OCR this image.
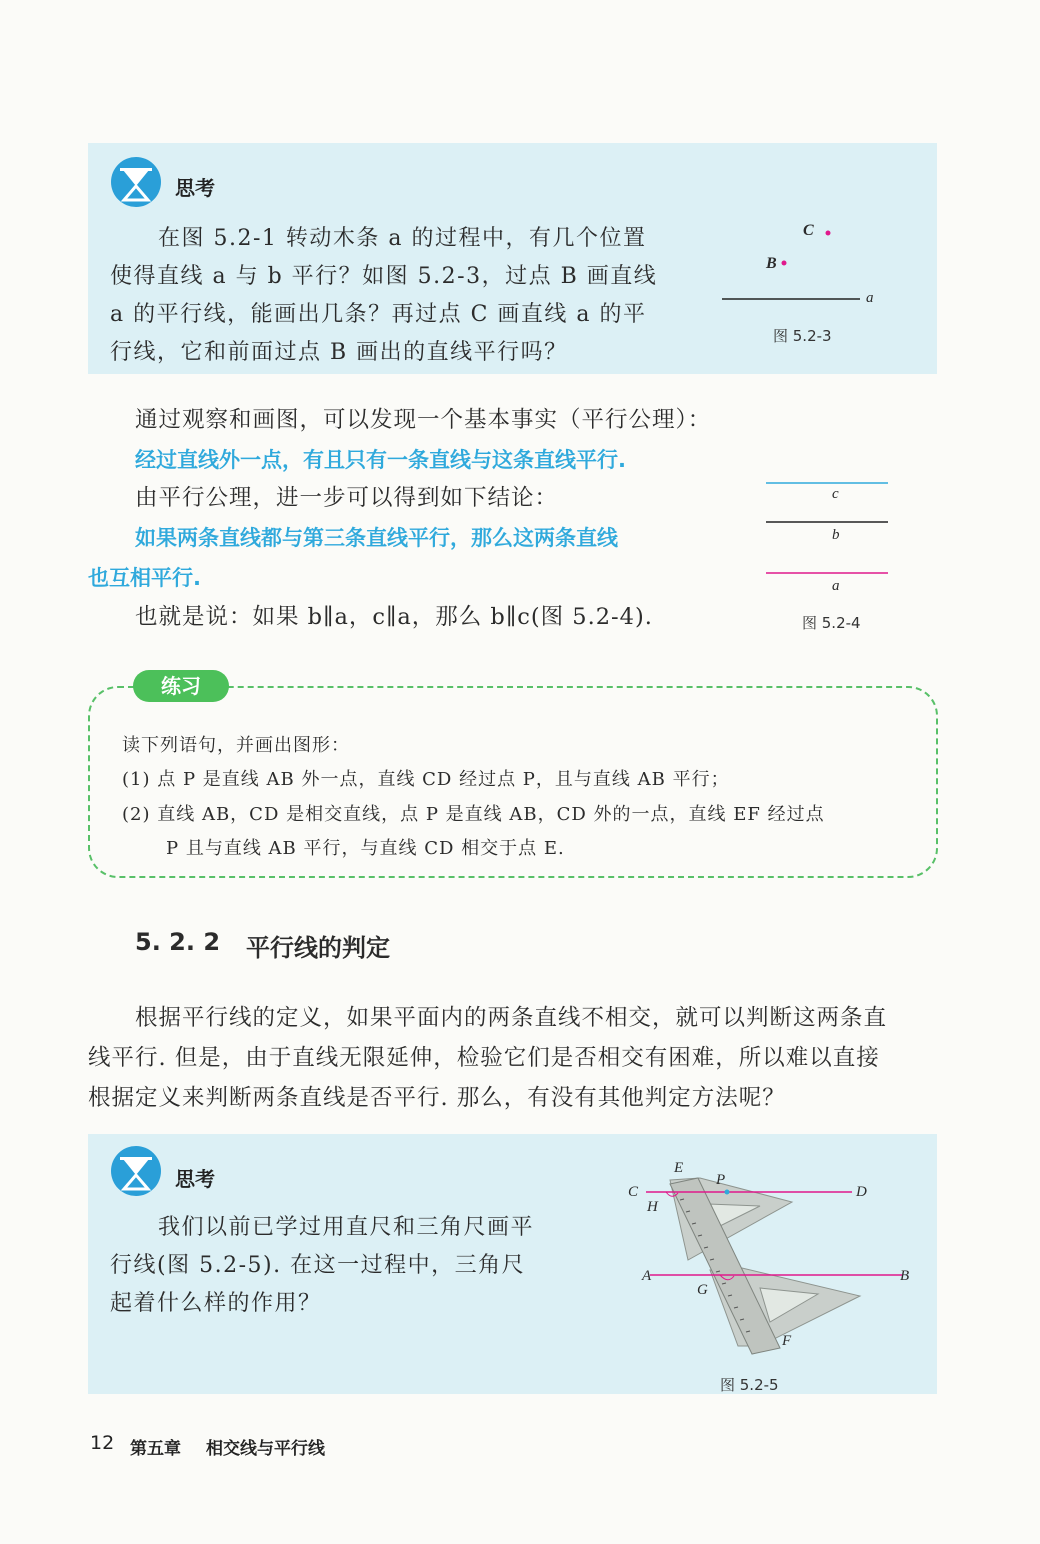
思考
在图 5.2-1 转动木条 a 的过程中，有几个位置
使得直线 a 与 b 平行？如图 5.2-3，过点 B 画直线
a 的平行线，能画出几条？再过点 C 画直线 a 的平
行线，它和前面过点 B 画出的直线平行吗？
C
B
a
图 5.2-3
通过观察和画图，可以发现一个基本事实（平行公理）：
经过直线外一点，有且只有一条直线与这条直线平行.
由平行公理，进一步可以得到如下结论：
如果两条直线都与第三条直线平行，那么这两条直线
也互相平行.
也就是说：如果 b∥a，c∥a，那么 b∥c(图 5.2-4).
c
b
a
图 5.2-4
练习
读下列语句，并画出图形：
(1) 点 P 是直线 AB 外一点，直线 CD 经过点 P，且与直线 AB 平行；
(2) 直线 AB，CD 是相交直线，点 P 是直线 AB，CD 外的一点，直线 EF 经过点
P 且与直线 AB 平行，与直线 CD 相交于点 E.
5. 2. 2 平行线的判定
根据平行线的定义，如果平面内的两条直线不相交，就可以判断这两条直
线平行. 但是，由于直线无限延伸，检验它们是否相交有困难，所以难以直接
根据定义来判断两条直线是否平行. 那么，有没有其他判定方法呢？
思考
我们以前已学过用直尺和三角尺画平
行线(图 5.2-5). 在这一过程中，三角尺
起着什么样的作用？
E
P
C	D
H
A
G
B
F
图 5.2-5
12 第五章 相交线与平行线
